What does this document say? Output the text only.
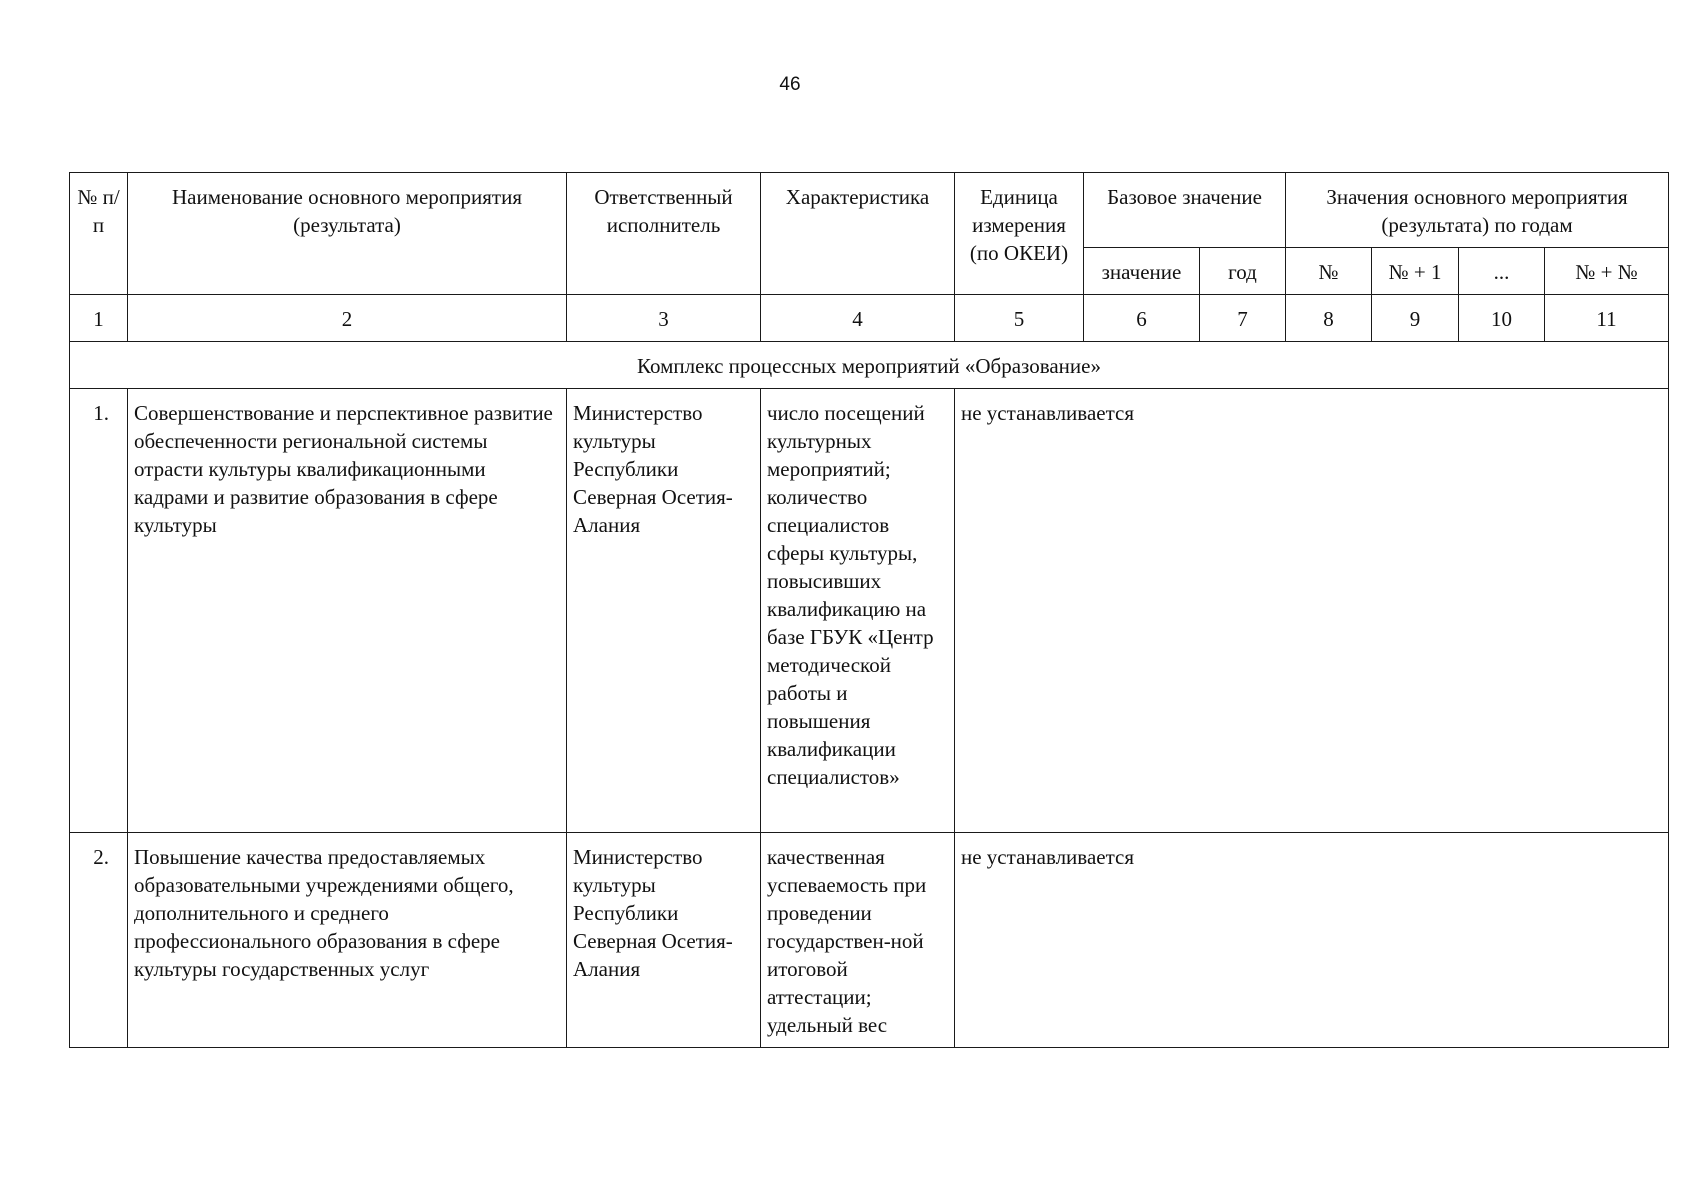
46
№ п/п	Наименование основного мероприятия (результата)	Ответственный исполнитель	Характеристика	Единица измерения (по ОКЕИ)	Базовое значение		Значения основного мероприятия (результата) по годам			
					значение	год	№	№ + 1	...	№ + №
1	2	3	4	5	6	7	8	9	10	11
Комплекс процессных мероприятий «Образование»										
1.	Совершенствование и перспективное развитие обеспеченности региональной системы отрасти культуры квалификационными кадрами и развитие образования в сфере культуры	Министерство культуры Республики Северная Осетия-Алания	число посещений культурных мероприятий; количество специалистов сферы культуры, повысивших квалификацию на базе ГБУК «Центр методической работы и повышения квалификации специалистов»	не устанавливается						
2.	Повышение качества предоставляемых образовательными учреждениями общего, дополнительного и среднего профессионального образования в сфере культуры государственных услуг	Министерство культуры Республики Северная Осетия-Алания	качественная успеваемость при проведении государствен-ной итоговой аттестации; удельный вес	не устанавливается						
